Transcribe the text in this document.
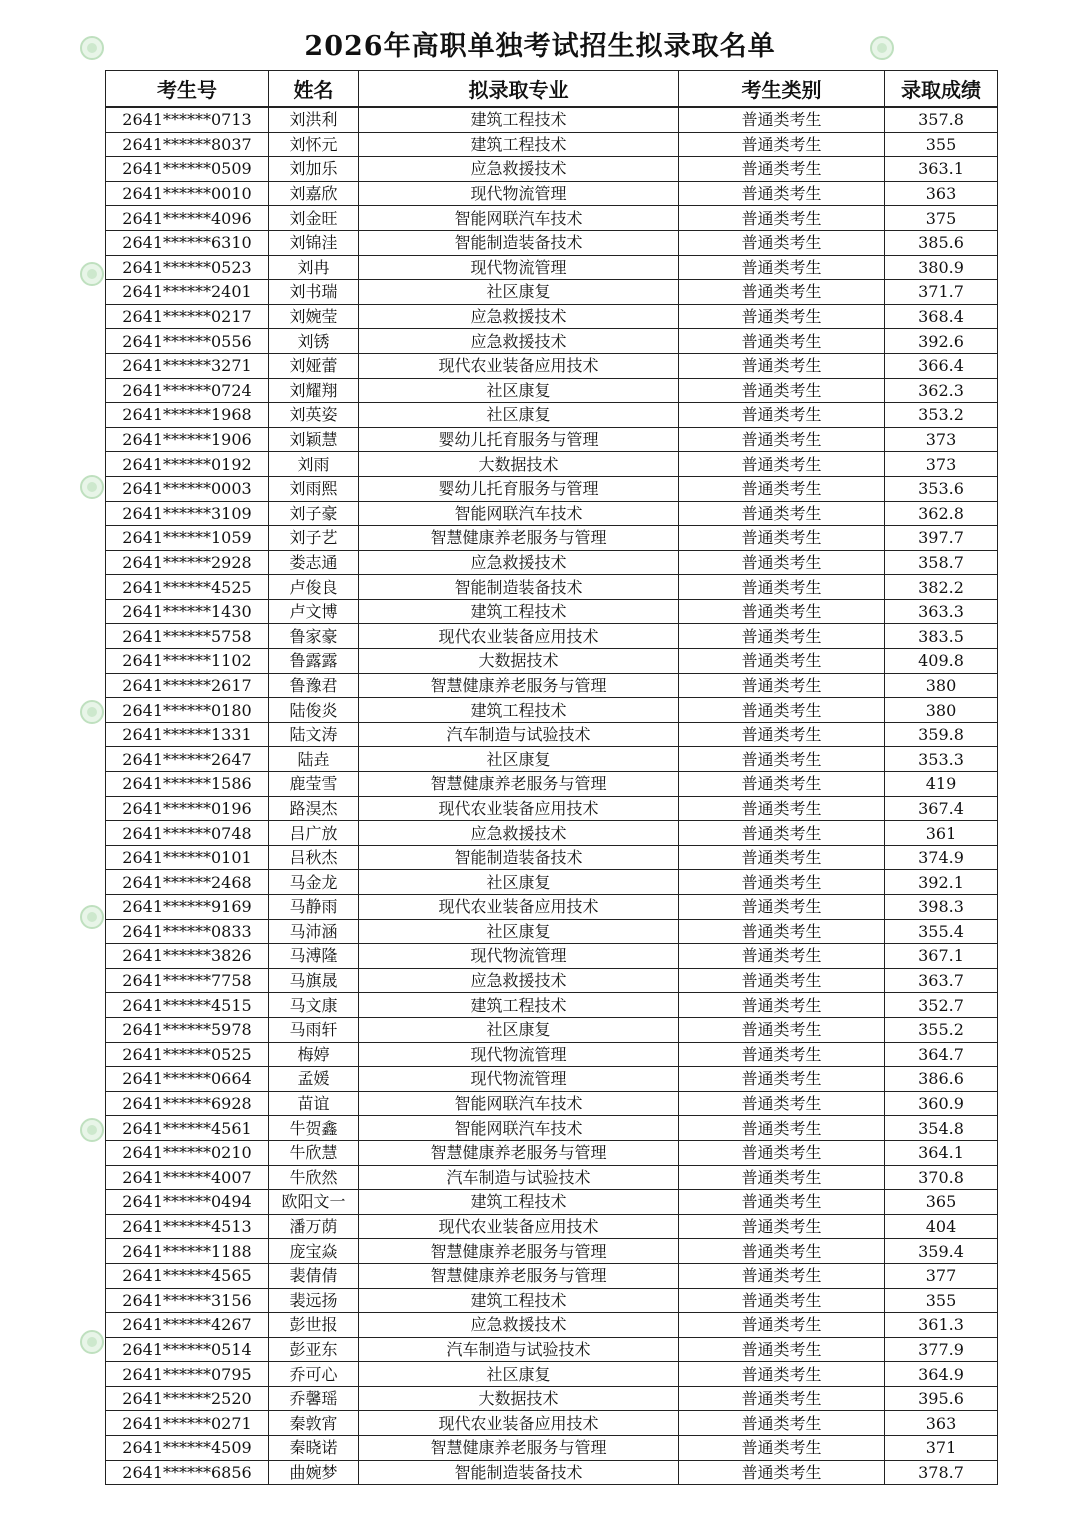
2026年高职单独考试招生拟录取名单
考生号	姓名	拟录取专业	考生类别	录取成绩
2641******0713	刘洪利	建筑工程技术	普通类考生	357.8
2641******8037	刘怀元	建筑工程技术	普通类考生	355
2641******0509	刘加乐	应急救援技术	普通类考生	363.1
2641******0010	刘嘉欣	现代物流管理	普通类考生	363
2641******4096	刘金旺	智能网联汽车技术	普通类考生	375
2641******6310	刘锦洼	智能制造装备技术	普通类考生	385.6
2641******0523	刘冉	现代物流管理	普通类考生	380.9
2641******2401	刘书瑞	社区康复	普通类考生	371.7
2641******0217	刘婉莹	应急救援技术	普通类考生	368.4
2641******0556	刘锈	应急救援技术	普通类考生	392.6
2641******3271	刘娅蕾	现代农业装备应用技术	普通类考生	366.4
2641******0724	刘耀翔	社区康复	普通类考生	362.3
2641******1968	刘英姿	社区康复	普通类考生	353.2
2641******1906	刘颖慧	婴幼儿托育服务与管理	普通类考生	373
2641******0192	刘雨	大数据技术	普通类考生	373
2641******0003	刘雨熙	婴幼儿托育服务与管理	普通类考生	353.6
2641******3109	刘子豪	智能网联汽车技术	普通类考生	362.8
2641******1059	刘子艺	智慧健康养老服务与管理	普通类考生	397.7
2641******2928	娄志通	应急救援技术	普通类考生	358.7
2641******4525	卢俊良	智能制造装备技术	普通类考生	382.2
2641******1430	卢文博	建筑工程技术	普通类考生	363.3
2641******5758	鲁家豪	现代农业装备应用技术	普通类考生	383.5
2641******1102	鲁露露	大数据技术	普通类考生	409.8
2641******2617	鲁豫君	智慧健康养老服务与管理	普通类考生	380
2641******0180	陆俊炎	建筑工程技术	普通类考生	380
2641******1331	陆文涛	汽车制造与试验技术	普通类考生	359.8
2641******2647	陆垚	社区康复	普通类考生	353.3
2641******1586	鹿莹雪	智慧健康养老服务与管理	普通类考生	419
2641******0196	路淏杰	现代农业装备应用技术	普通类考生	367.4
2641******0748	吕广放	应急救援技术	普通类考生	361
2641******0101	吕秋杰	智能制造装备技术	普通类考生	374.9
2641******2468	马金龙	社区康复	普通类考生	392.1
2641******9169	马静雨	现代农业装备应用技术	普通类考生	398.3
2641******0833	马沛涵	社区康复	普通类考生	355.4
2641******3826	马溥隆	现代物流管理	普通类考生	367.1
2641******7758	马旗晟	应急救援技术	普通类考生	363.7
2641******4515	马文康	建筑工程技术	普通类考生	352.7
2641******5978	马雨轩	社区康复	普通类考生	355.2
2641******0525	梅婷	现代物流管理	普通类考生	364.7
2641******0664	孟媛	现代物流管理	普通类考生	386.6
2641******6928	苗谊	智能网联汽车技术	普通类考生	360.9
2641******4561	牛贺鑫	智能网联汽车技术	普通类考生	354.8
2641******0210	牛欣慧	智慧健康养老服务与管理	普通类考生	364.1
2641******4007	牛欣然	汽车制造与试验技术	普通类考生	370.8
2641******0494	欧阳文一	建筑工程技术	普通类考生	365
2641******4513	潘万荫	现代农业装备应用技术	普通类考生	404
2641******1188	庞宝焱	智慧健康养老服务与管理	普通类考生	359.4
2641******4565	裴倩倩	智慧健康养老服务与管理	普通类考生	377
2641******3156	裴远扬	建筑工程技术	普通类考生	355
2641******4267	彭世报	应急救援技术	普通类考生	361.3
2641******0514	彭亚东	汽车制造与试验技术	普通类考生	377.9
2641******0795	乔可心	社区康复	普通类考生	364.9
2641******2520	乔馨瑶	大数据技术	普通类考生	395.6
2641******0271	秦敦宵	现代农业装备应用技术	普通类考生	363
2641******4509	秦晓诺	智慧健康养老服务与管理	普通类考生	371
2641******6856	曲婉梦	智能制造装备技术	普通类考生	378.7
